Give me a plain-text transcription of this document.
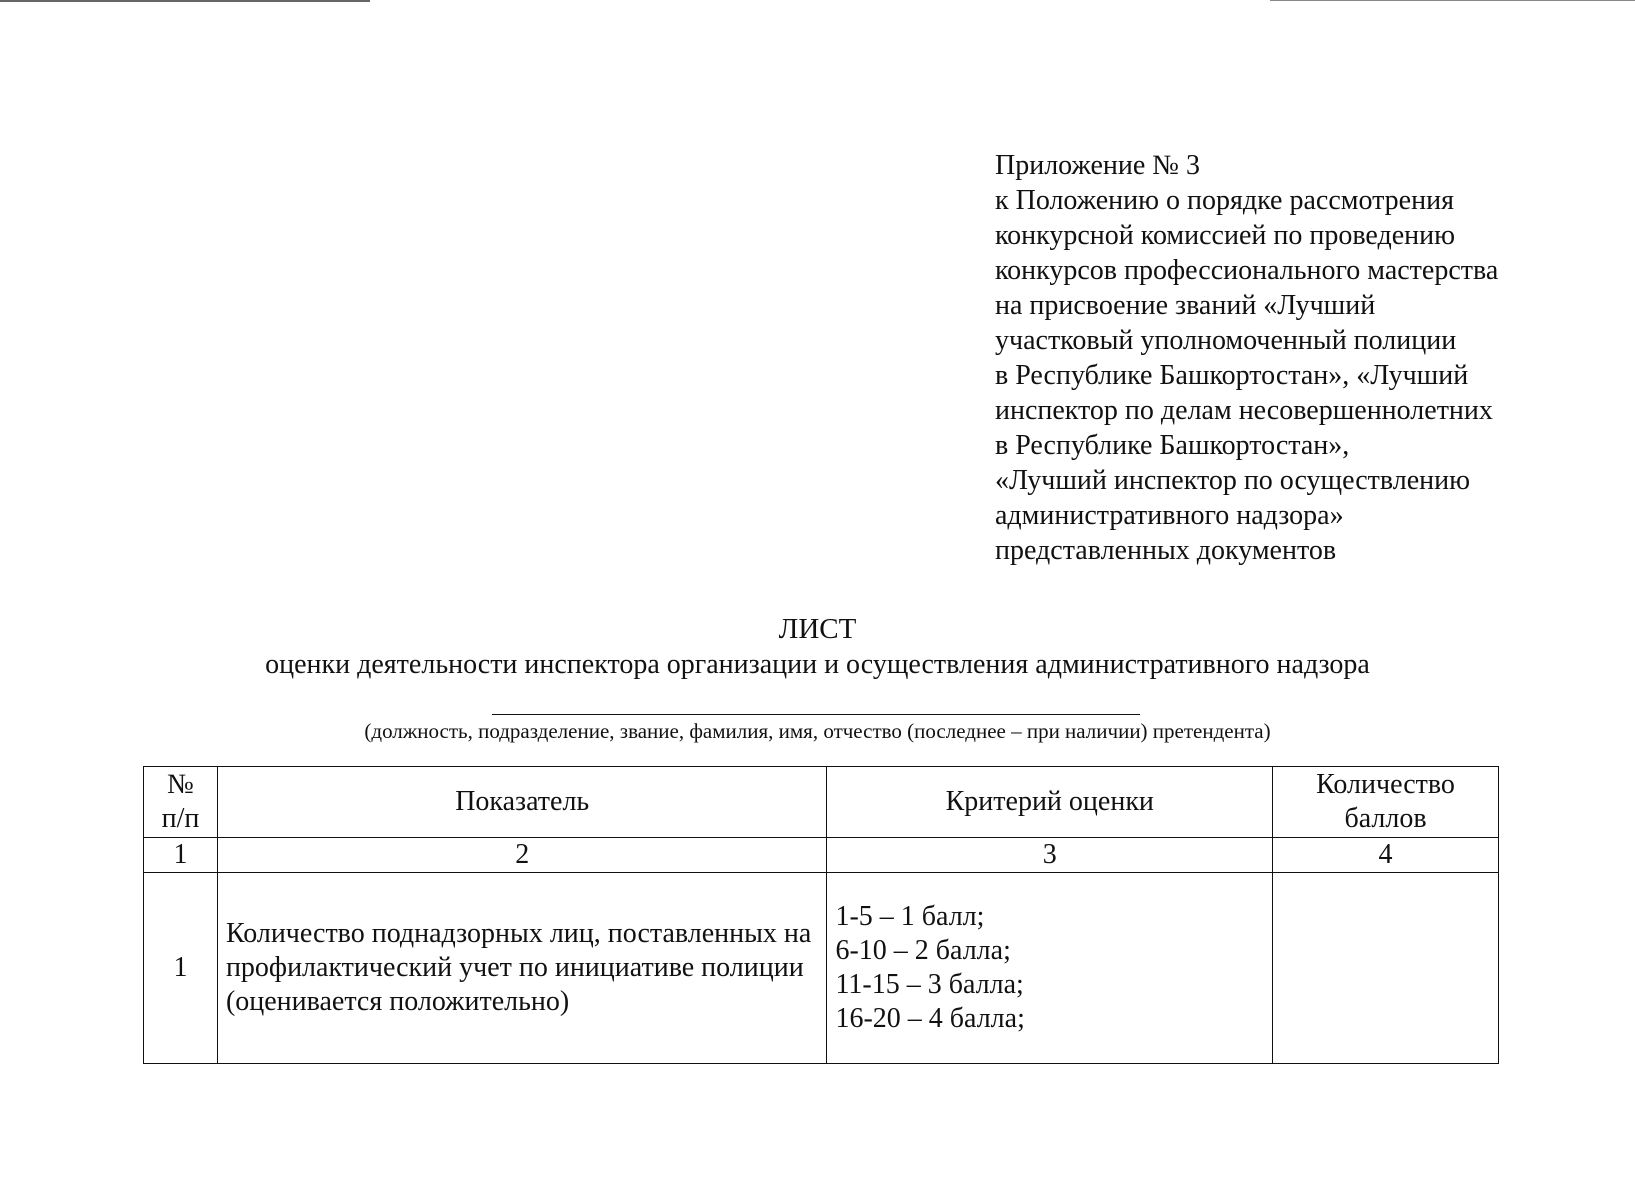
Приложение № 3
к Положению о порядке рассмотрения
конкурсной комиссией по проведению
конкурсов профессионального мастерства
на присвоение званий «Лучший
участковый уполномоченный полиции
в Республике Башкортостан», «Лучший
инспектор по делам несовершеннолетних
в Республике Башкортостан»,
«Лучший инспектор по осуществлению
административного надзора»
представленных документов
ЛИСТ
оценки деятельности инспектора организации и осуществления административного надзора
(должность, подразделение, звание, фамилия, имя, отчество (последнее – при наличии) претендента)
№
п/п	Показатель	Критерий оценки	Количество
баллов

1	2	3	4
1	Количество поднадзорных лиц, поставленных на профилактический учет по инициативе полиции (оценивается положительно)	1-5 – 1 балл;
6-10 – 2 балла;
11-15 – 3 балла;
16-20 – 4 балла;	
